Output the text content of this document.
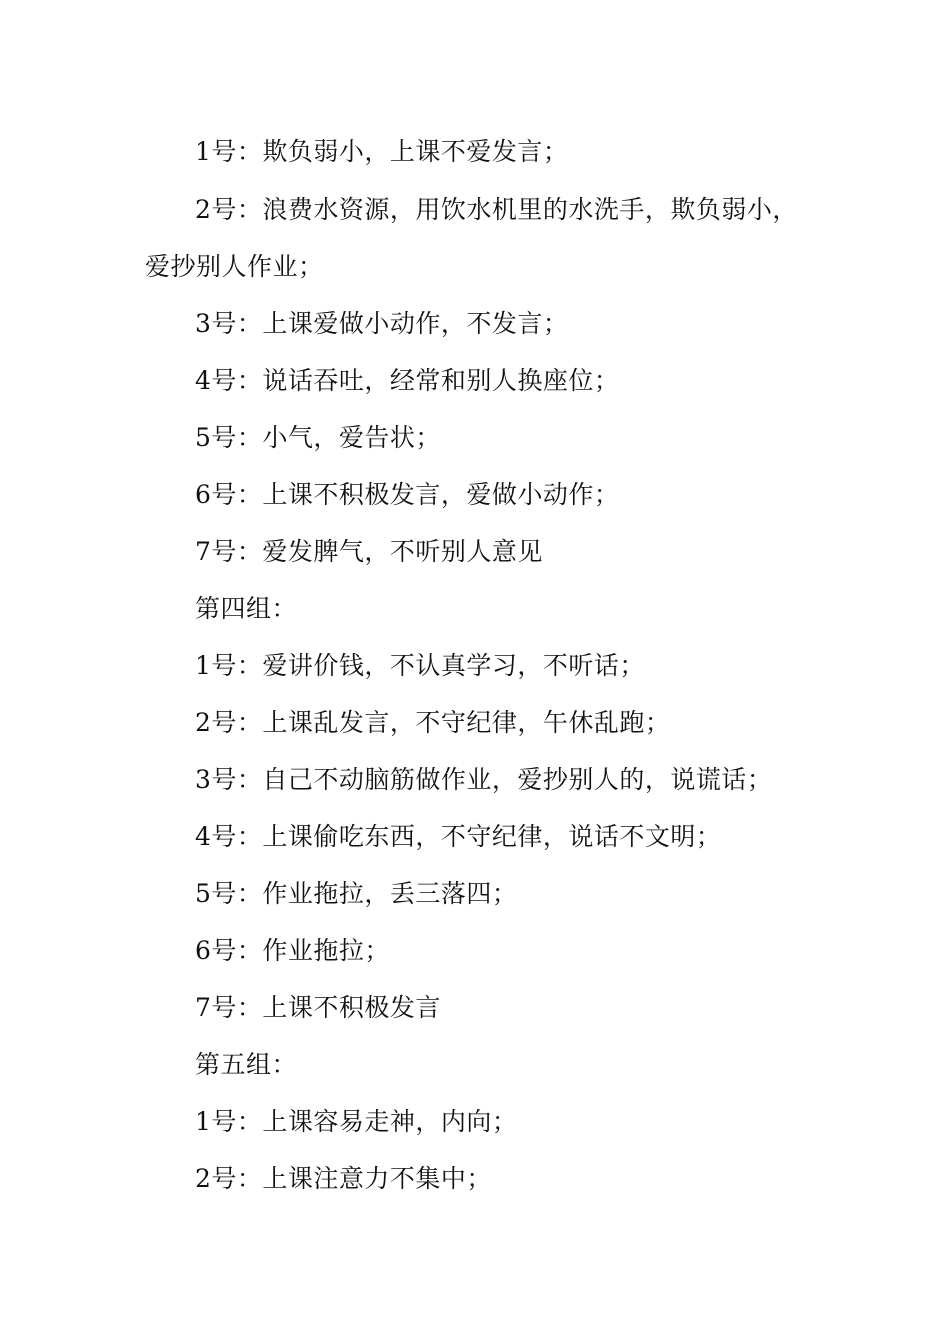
1号：欺负弱小，上课不爱发言；
2号：浪费水资源，用饮水机里的水洗手，欺负弱小，
爱抄别人作业；
3号：上课爱做小动作，不发言；
4号：说话吞吐，经常和别人换座位；
5号：小气，爱告状；
6号：上课不积极发言，爱做小动作；
7号：爱发脾气，不听别人意见
第四组：
1号：爱讲价钱，不认真学习，不听话；
2号：上课乱发言，不守纪律，午休乱跑；
3号：自己不动脑筋做作业，爱抄别人的，说谎话；
4号：上课偷吃东西，不守纪律，说话不文明；
5号：作业拖拉，丢三落四；
6号：作业拖拉；
7号：上课不积极发言
第五组：
1号：上课容易走神，内向；
2号：上课注意力不集中；
